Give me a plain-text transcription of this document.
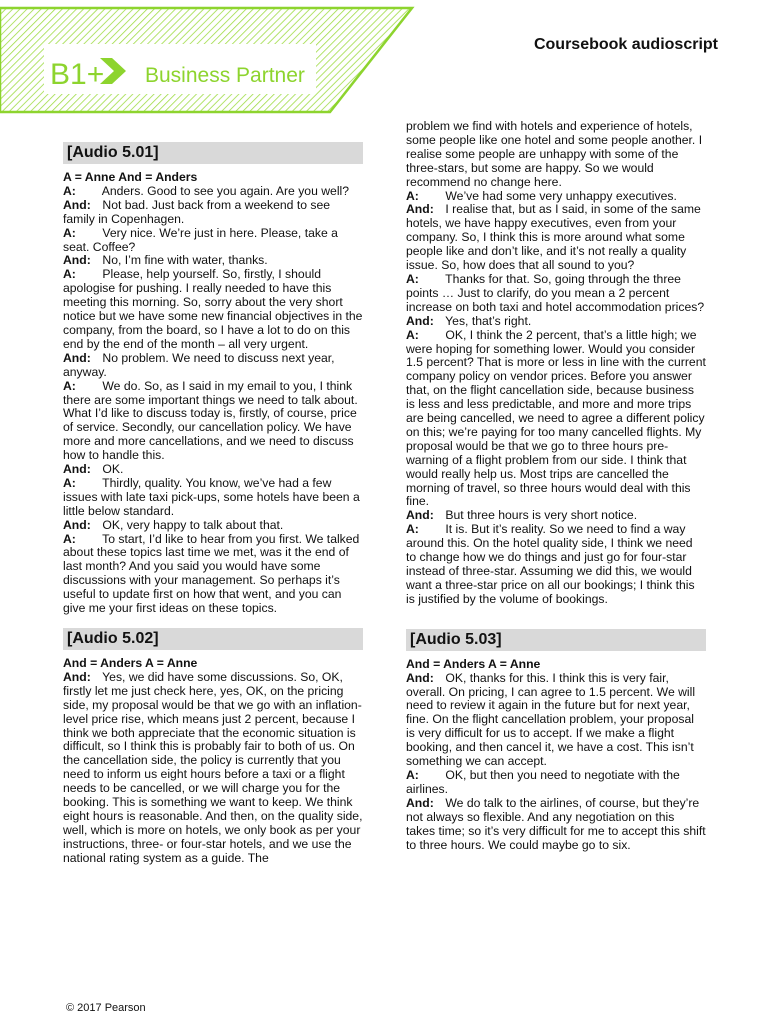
B1+ Business Partner
Coursebook audioscript
[Audio 5.01]
A = Anne And = Anders
A: Anders. Good to see you again. Are you well?
And: Not bad. Just back from a weekend to see family in Copenhagen.
A: Very nice. We’re just in here. Please, take a seat. Coffee?
And: No, I’m fine with water, thanks.
A: Please, help yourself. So, firstly, I should apologise for pushing. I really needed to have this meeting this morning. So, sorry about the very short notice but we have some new financial objectives in the company, from the board, so I have a lot to do on this end by the end of the month – all very urgent.
And: No problem. We need to discuss next year, anyway.
A: We do. So, as I said in my email to you, I think there are some important things we need to talk about. What I’d like to discuss today is, firstly, of course, price of service. Secondly, our cancellation policy. We have more and more cancellations, and we need to discuss how to handle this.
And: OK.
A: Thirdly, quality. You know, we’ve had a few issues with late taxi pick-ups, some hotels have been a little below standard.
And: OK, very happy to talk about that.
A: To start, I’d like to hear from you first. We talked about these topics last time we met, was it the end of last month? And you said you would have some discussions with your management. So perhaps it’s useful to update first on how that went, and you can give me your first ideas on these topics.
[Audio 5.02]
And = Anders A = Anne
And: Yes, we did have some discussions. So, OK, firstly let me just check here, yes, OK, on the pricing side, my proposal would be that we go with an inflation-level price rise, which means just 2 percent, because I think we both appreciate that the economic situation is difficult, so I think this is probably fair to both of us. On the cancellation side, the policy is currently that you need to inform us eight hours before a taxi or a flight needs to be cancelled, or we will charge you for the booking. This is something we want to keep. We think eight hours is reasonable. And then, on the quality side, well, which is more on hotels, we only book as per your instructions, three- or four-star hotels, and we use the national rating system as a guide. The
problem we find with hotels and experience of hotels, some people like one hotel and some people another. I realise some people are unhappy with some of the three-stars, but some are happy. So we would recommend no change here.
A: We’ve had some very unhappy executives.
And: I realise that, but as I said, in some of the same hotels, we have happy executives, even from your company. So, I think this is more around what some people like and don’t like, and it’s not really a quality issue. So, how does that all sound to you?
A: Thanks for that. So, going through the three points … Just to clarify, do you mean a 2 percent increase on both taxi and hotel accommodation prices?
And: Yes, that’s right.
A: OK, I think the 2 percent, that’s a little high; we were hoping for something lower. Would you consider 1.5 percent? That is more or less in line with the current company policy on vendor prices. Before you answer that, on the flight cancellation side, because business is less and less predictable, and more and more trips are being cancelled, we need to agree a different policy on this; we’re paying for too many cancelled flights. My proposal would be that we go to three hours pre-warning of a flight problem from our side. I think that would really help us. Most trips are cancelled the morning of travel, so three hours would deal with this fine.
And: But three hours is very short notice.
A: It is. But it’s reality. So we need to find a way around this. On the hotel quality side, I think we need to change how we do things and just go for four-star instead of three-star. Assuming we did this, we would want a three-star price on all our bookings; I think this is justified by the volume of bookings.
[Audio 5.03]
And = Anders A = Anne
And: OK, thanks for this. I think this is very fair, overall. On pricing, I can agree to 1.5 percent. We will need to review it again in the future but for next year, fine. On the flight cancellation problem, your proposal is very difficult for us to accept. If we make a flight booking, and then cancel it, we have a cost. This isn’t something we can accept.
A: OK, but then you need to negotiate with the airlines.
And: We do talk to the airlines, of course, but they’re not always so flexible. And any negotiation on this takes time; so it’s very difficult for me to accept this shift to three hours. We could maybe go to six.
© 2017 Pearson
